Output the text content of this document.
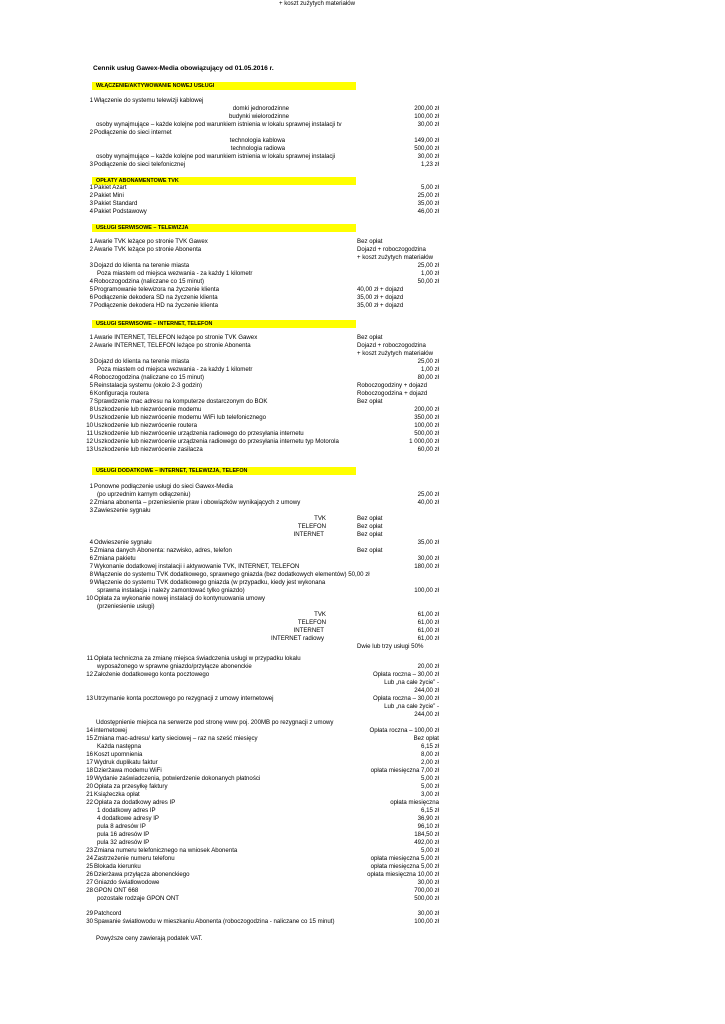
Cennik usług Gawex-Media obowiązujący od 01.05.2016 r.
WŁĄCZENIE/AKTYWOWANIE NOWEJ USŁUGI
OPŁATY ABONAMENTOWE TVK
USŁUGI SERWISOWE – TELEWIZJA
USŁUGI SERWISOWE – INTERNET, TELEFON
USŁUGI DODATKOWE – INTERNET, TELEWIZJA, TELEFON
1 Włączenie do systemu telewizji kablowej
domki jednorodzinne	200,00 zł
budynki wielorodzinne	100,00 zł
osoby wynajmujące – każde kolejne pod warunkiem istnienia w lokalu sprawnej instalacji tv	30,00 zł
2 Podłączenie do sieci internet
technologia kablowa	149,00 zł
technologia radiowa	500,00 zł
osoby wynajmujące – każde kolejne pod warunkiem istnienia w lokalu sprawnej instalacji	30,00 zł
3 Podłączenie do sieci telefonicznej	1,23 zł
1 Pakiet Azart	5,00 zł
2 Pakiet Mini	25,00 zł
3 Pakiet Standard	35,00 zł
4 Pakiet Podstawowy	46,00 zł
1 Awarie TVK leżące po stronie TVK Gawex	Bez opłat
2 Awarie TVK leżące po stronie Abonenta	Dojazd + roboczogodzina
+ koszt zużytych materiałów
3 Dojazd do klienta na terenie miasta	25,00 zł
Poza miastem od miejsca wezwania - za każdy 1 kilometr	1,00 zł
4 Roboczogodzina (naliczane co 15 minut)	50,00 zł
5 Programowanie telewizora na życzenie klienta	40,00 zł + dojazd
6 Podłączenie dekodera SD na życzenie klienta	35,00 zł + dojazd
7 Podłączenie dekodera HD na życzenie klienta	35,00 zł + dojazd
1 Awarie INTERNET, TELEFON leżące po stronie TVK Gawex	Bez opłat
2 Awarie INTERNET, TELEFON leżące po stronie Abonenta	Dojazd + roboczogodzina
+ koszt zużytych materiałów
3 Dojazd do klienta na terenie miasta	25,00 zł
Poza miastem od miejsca wezwania - za każdy 1 kilometr	1,00 zł
4 Roboczogodzina (naliczane co 15 minut)	80,00 zł
5 Reinstalacja systemu (około 2-3 godzin)	Roboczogodziny + dojazd
6 Konfiguracja routera	Roboczogodzina + dojazd
7 Sprawdzenie mac adresu na komputerze dostarczonym do BOK	Bez opłat
8 Uszkodzenie lub niezwrócenie modemu	200,00 zł
9 Uszkodzenie lub niezwrócenie modemu WiFi lub telefonicznego	350,00 zł
10 Uszkodzenie lub niezwrócenie routera	100,00 zł
11 Uszkodzenie lub niezwrócenie urządzenia radiowego do przesyłania internetu	500,00 zł
12 Uszkodzenie lub niezwrócenie urządzenia radiowego do przesyłania internetu typ Motorola	1 000,00 zł
13 Uszkodzenie lub niezwrócenie zasilacza	60,00 zł
1 Ponowne podłączenie usługi do sieci Gawex-Media
(po uprzednim karnym odłączeniu)	25,00 zł
2 Zmiana abonenta – przeniesienie praw i obowiązków wynikających z umowy	40,00 zł
3 Zawieszenie sygnału
TVK	Bez opłat
TELEFON	Bez opłat
INTERNET	Bez opłat
4 Odwieszenie sygnału	35,00 zł
5 Zmiana danych Abonenta: nazwisko, adres, telefon	Bez opłat
6 Zmiana pakietu	30,00 zł
7 Wykonanie dodatkowej instalacji i aktywowanie TVK, INTERNET, TELEFON	180,00 zł
8 Włączenie do systemu TVK dodatkowego, sprawnego gniazda (bez dodatkowych elementów) 50,00 zł
9 Włączenie do systemu TVK dodatkowego gniazda (w przypadku, kiedy jest wykonana
sprawna instalacja i należy zamontować tylko gniazdo)	100,00 zł
10 Opłata za wykonanie nowej instalacji do kontynuowania umowy
(przeniesienie usługi)
TVK	61,00 zł
TELEFON	61,00 zł
INTERNET	61,00 zł
INTERNET radiowy	61,00 zł
Dwie lub trzy usługi 50%
11 Opłata techniczna za zmianę miejsca świadczenia usługi w przypadku lokalu
wyposażonego w sprawne gniazdo/przyłącze abonenckie	20,00 zł
12 Założenie dodatkowego konta pocztowego	Opłata roczna – 30,00 zł
Lub „na całe życie” -
244,00 zł
13 Utrzymanie konta pocztowego po rezygnacji z umowy internetowej	Opłata roczna – 30,00 zł
Lub „na całe życie” -
244,00 zł
Udostępnienie miejsca na serwerze pod stronę www poj. 200MB po rezygnacji z umowy
14 internetowej	Opłata roczna – 100,00 zł
15 Zmiana mac-adresu/ karty sieciowej – raz na sześć miesięcy	Bez opłat
Każda następna	6,15 zł
16 Koszt upomnienia	8,00 zł
17 Wydruk duplikatu faktur	2,00 zł
18 Dzierżawa modemu WiFi	opłata miesięczna 7,00 zł
19 Wydanie zaświadczenia, potwierdzenie dokonanych płatności	5,00 zł
20 Opłata za przesyłkę faktury	5,00 zł
21 Książeczka opłat	3,00 zł
22 Opłata za dodatkowy adres IP	opłata miesięczna
1 dodatkowy adres IP	6,15 zł
4 dodatkowe adresy IP	36,90 zł
pula 8 adresów IP	96,10 zł
pula 16 adresów IP	184,50 zł
pula 32 adresów IP	492,00 zł
23 Zmiana numeru telefonicznego na wniosek Abonenta	5,00 zł
24 Zastrzeżenie numeru telefonu	opłata miesięczna 5,00 zł
25 Blokada kierunku	opłata miesięczna 5,00 zł
26 Dzierżawa przyłącza abonenckiego	opłata miesięczna 10,00 zł
27 Gniazdo światłowodowe	30,00 zł
28 GPON ONT 668	700,00 zł
pozostałe rodzaje GPON ONT	500,00 zł
29 Patchcord	30,00 zł
30 Spawanie światłowodu w mieszkaniu Abonenta (roboczogodzina - naliczane co 15 minut)	100,00 zł
+ koszt zużytych materiałów
Powyższe ceny zawierają podatek VAT.
